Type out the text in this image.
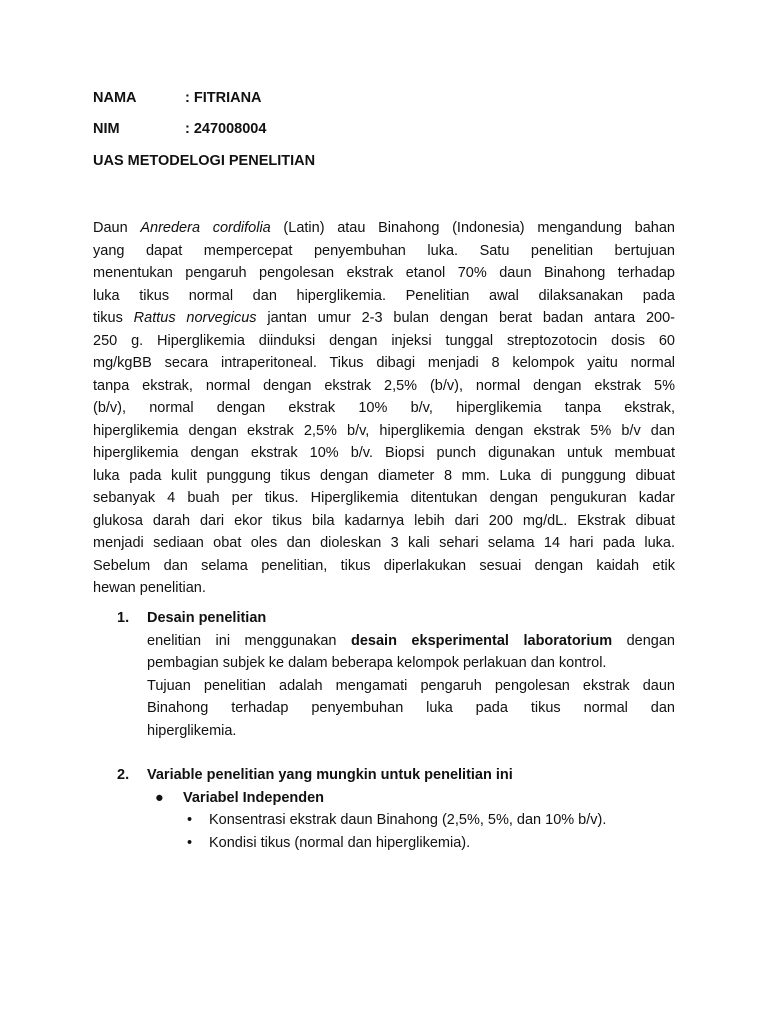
NAMA	: FITRIANA
NIM	: 247008004
UAS METODELOGI PENELITIAN
Daun Anredera cordifolia (Latin) atau Binahong (Indonesia) mengandung bahan
yang dapat mempercepat penyembuhan luka. Satu penelitian bertujuan
menentukan pengaruh pengolesan ekstrak etanol 70% daun Binahong terhadap
luka tikus normal dan hiperglikemia. Penelitian awal dilaksanakan pada
tikus Rattus norvegicus jantan umur 2-3 bulan dengan berat badan antara 200-
250 g. Hiperglikemia diinduksi dengan injeksi tunggal streptozotocin dosis 60
mg/kgBB secara intraperitoneal. Tikus dibagi menjadi 8 kelompok yaitu normal
tanpa ekstrak, normal dengan ekstrak 2,5% (b/v), normal dengan ekstrak 5%
(b/v), normal dengan ekstrak 10% b/v, hiperglikemia tanpa ekstrak,
hiperglikemia dengan ekstrak 2,5% b/v, hiperglikemia dengan ekstrak 5% b/v dan
hiperglikemia dengan ekstrak 10% b/v. Biopsi punch digunakan untuk membuat
luka pada kulit punggung tikus dengan diameter 8 mm. Luka di punggung dibuat
sebanyak 4 buah per tikus. Hiperglikemia ditentukan dengan pengukuran kadar
glukosa darah dari ekor tikus bila kadarnya lebih dari 200 mg/dL. Ekstrak dibuat
menjadi sediaan obat oles dan dioleskan 3 kali sehari selama 14 hari pada luka.
Sebelum dan selama penelitian, tikus diperlakukan sesuai dengan kaidah etik
hewan penelitian.
1. Desain penelitian
enelitian ini menggunakan desain eksperimental laboratorium dengan
pembagian subjek ke dalam beberapa kelompok perlakuan dan kontrol.
Tujuan penelitian adalah mengamati pengaruh pengolesan ekstrak daun
Binahong terhadap penyembuhan luka pada tikus normal dan
hiperglikemia.
2. Variable penelitian yang mungkin untuk penelitian ini
● Variabel Independen
• Konsentrasi ekstrak daun Binahong (2,5%, 5%, dan 10% b/v).
• Kondisi tikus (normal dan hiperglikemia).
